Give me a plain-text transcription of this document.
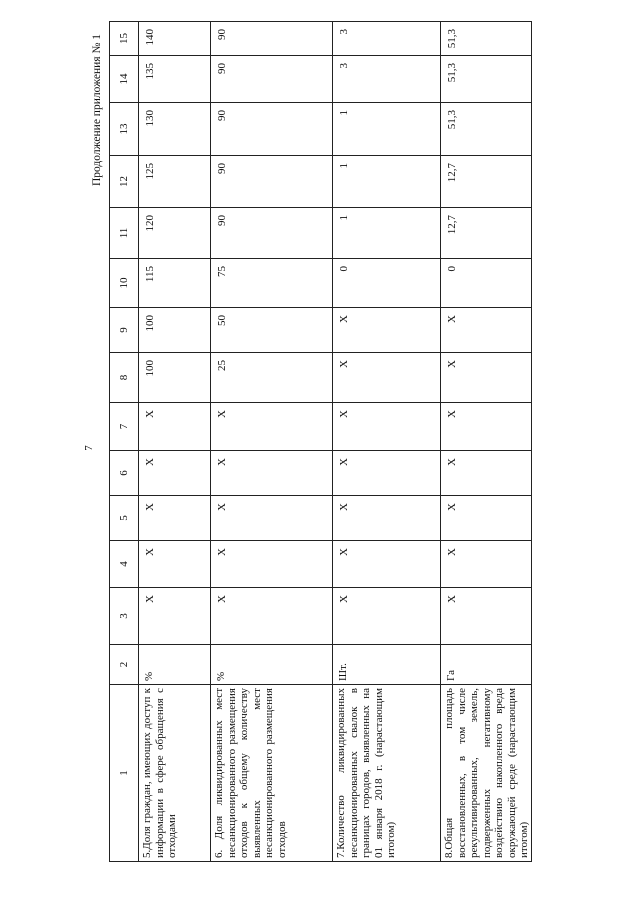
7
Продолжение приложения № 1
1	2	3	4	5	6	7	8	9	10	11	12	13	14	15
5.Доля граждан, имеющих доступ к информации в сфере обращения с отходами	%	Х	Х	Х	Х	Х	100	100	115	120	125	130	135	140
6. Доля ликвидированных мест несанкционированного размещения отходов к общему количеству выявленных мест несанкционированного размещения отходов	%	Х	Х	Х	Х	Х	25	50	75	90	90	90	90	90
7.Количество ликвидированных несанкционированных свалок в границах городов, выявленных на 01 января 2018 г. (нарастающим итогом)	Шт.	Х	Х	Х	Х	Х	Х	Х	0	1	1	1	3	3
8.Общая площадь восстановленных, в том числе рекультивированных, земель, подверженных негативному воздействию накопленного вреда окружающей среде (нарастающим итогом)	Га	Х	Х	Х	Х	Х	Х	Х	0	12,7	12,7	51,3	51,3	51,3
